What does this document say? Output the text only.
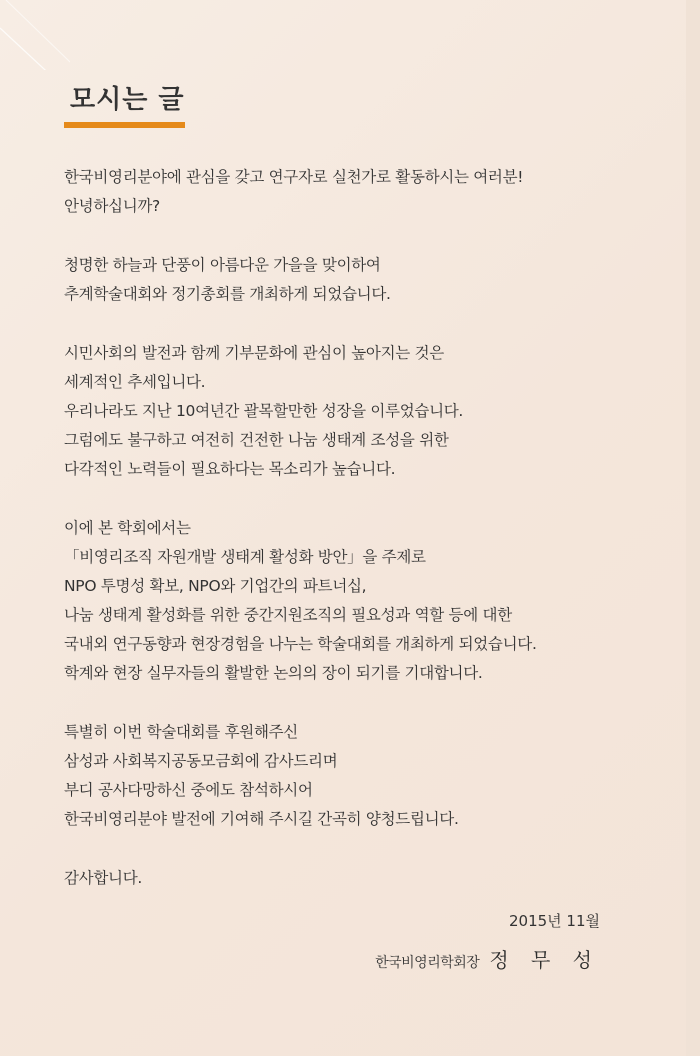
모시는 글
한국비영리분야에 관심을 갖고 연구자로 실천가로 활동하시는 여러분!
안녕하십니까?
청명한 하늘과 단풍이 아름다운 가을을 맞이하여
추계학술대회와 정기총회를 개최하게 되었습니다.
시민사회의 발전과 함께 기부문화에 관심이 높아지는 것은
세계적인 추세입니다.
우리나라도 지난 10여년간 괄목할만한 성장을 이루었습니다.
그럼에도 불구하고 여전히 건전한 나눔 생태계 조성을 위한
다각적인 노력들이 필요하다는 목소리가 높습니다.
이에 본 학회에서는
「비영리조직 자원개발 생태계 활성화 방안」을 주제로
NPO 투명성 확보, NPO와 기업간의 파트너십,
나눔 생태계 활성화를 위한 중간지원조직의 필요성과 역할 등에 대한
국내외 연구동향과 현장경험을 나누는 학술대회를 개최하게 되었습니다.
학계와 현장 실무자들의 활발한 논의의 장이 되기를 기대합니다.
특별히 이번 학술대회를 후원해주신
삼성과 사회복지공동모금회에 감사드리며
부디 공사다망하신 중에도 참석하시어
한국비영리분야 발전에 기여해 주시길 간곡히 양청드립니다.
감사합니다.
2015년 11월
한국비영리학회장 정 무 성
